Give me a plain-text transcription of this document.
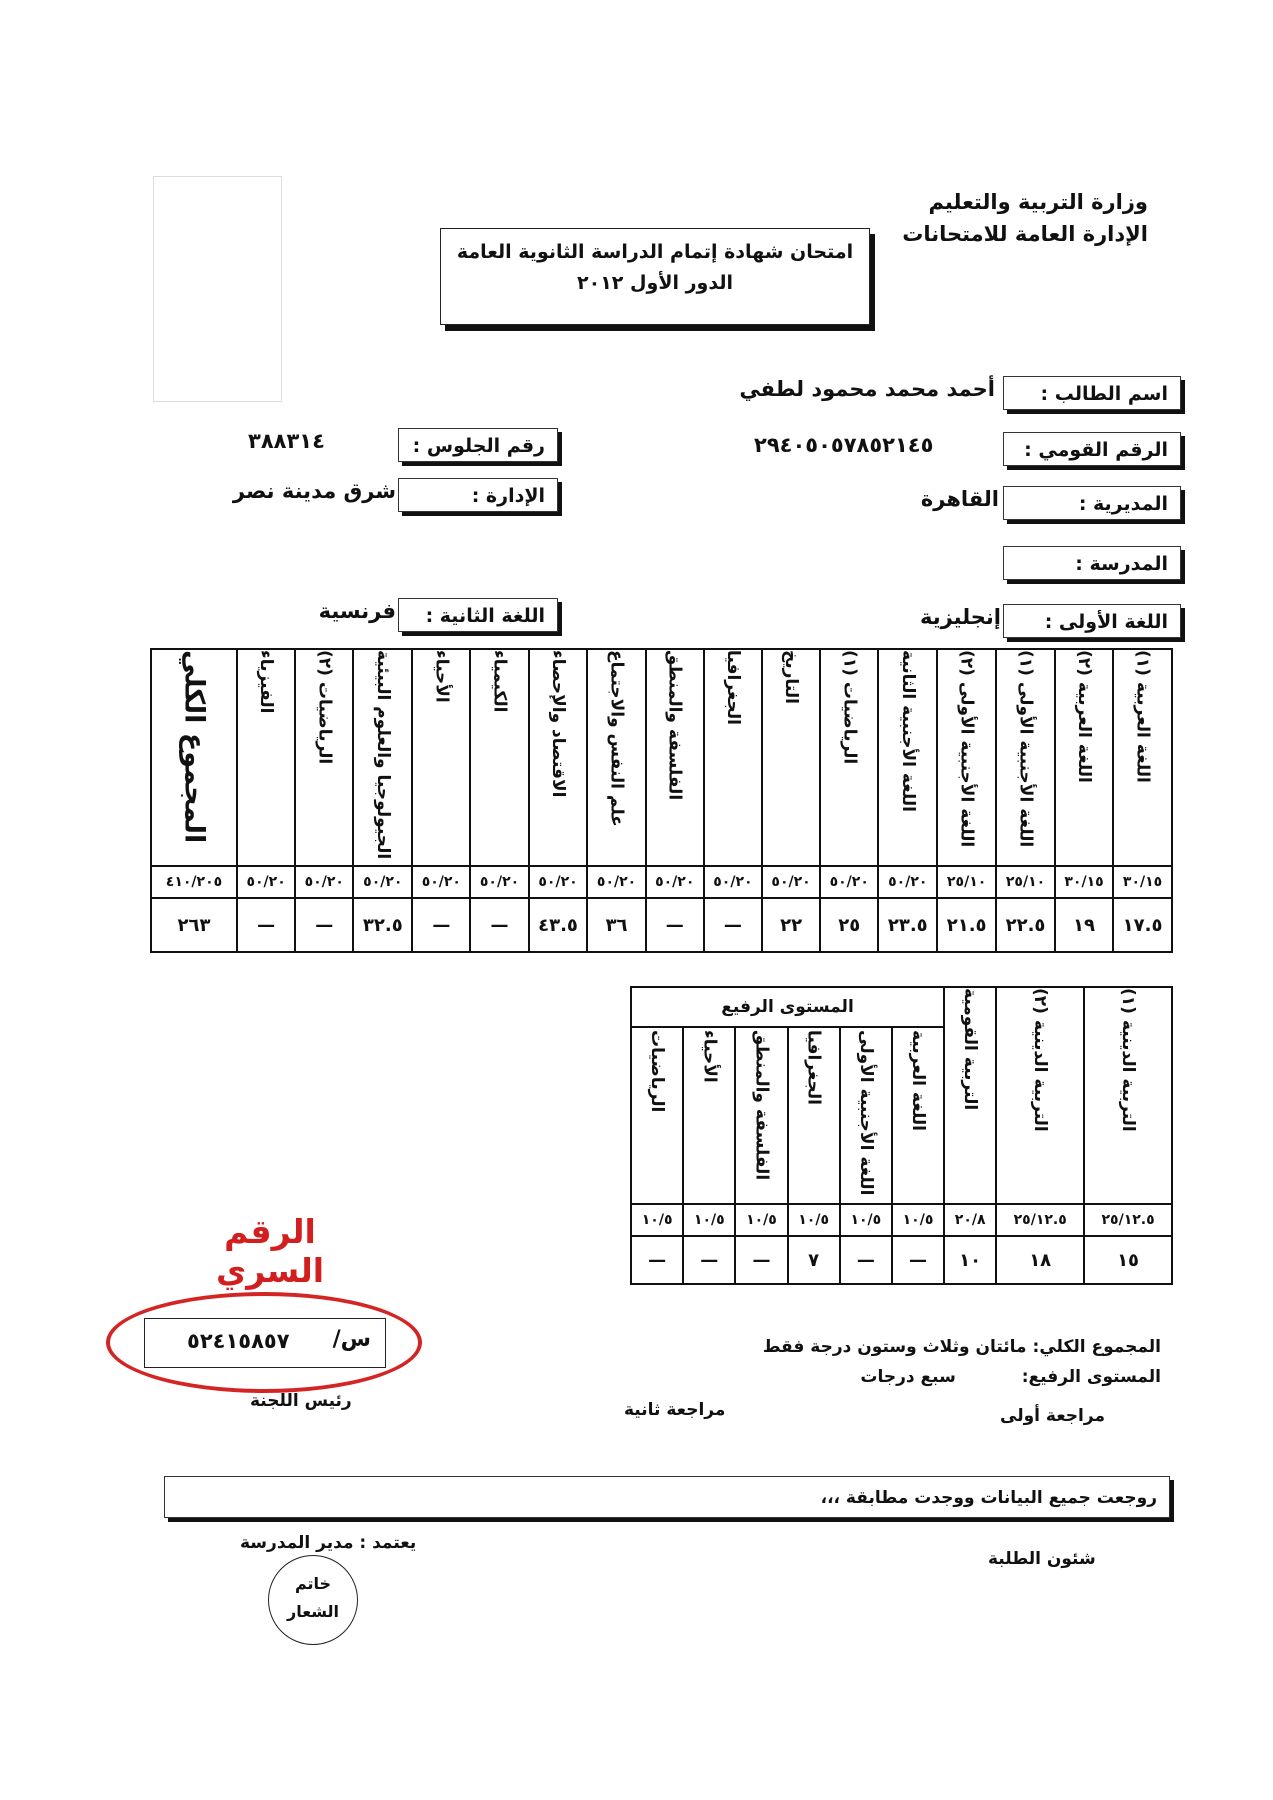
وزارة التربية والتعليم
الإدارة العامة للامتحانات
امتحان شهادة إتمام الدراسة الثانوية العامة
الدور الأول ٢٠١٢
اسم الطالب :
أحمد محمد محمود لطفي
الرقم القومي :
٢٩٤٠٥٠٥٧٨٥٢١٤٥
رقم الجلوس :
٣٨٨٣١٤
المديرية :
القاهرة
الإدارة :
شرق مدينة نصر
المدرسة :
اللغة الأولى :
إنجليزية
اللغة الثانية :
فرنسية
اللغة العربية (١)	اللغة العربية (٢)	اللغة الأجنبية الأولى (١)	اللغة الأجنبية الأولى (٢)	اللغة الأجنبية الثانية	الرياضيات (١)	التاريخ	الجغرافيا	الفلسفة والمنطق	علم النفس والاجتماع	الاقتصاد والإحصاء	الكيمياء	الأحياء	الجيولوجيا والعلوم البيئية	الرياضيات (٢)	الفيزياء	المجموع الكلي

٣٠/١٥	٣٠/١٥	٢٥/١٠	٢٥/١٠	٥٠/٢٠	٥٠/٢٠	٥٠/٢٠	٥٠/٢٠	٥٠/٢٠	٥٠/٢٠	٥٠/٢٠	٥٠/٢٠	٥٠/٢٠	٥٠/٢٠	٥٠/٢٠	٥٠/٢٠	٤١٠/٢٠٥
١٧.٥	١٩	٢٢.٥	٢١.٥	٢٣.٥	٢٥	٢٢	—	—	٣٦	٤٣.٥	—	—	٣٢.٥	—	—	٢٦٣
التربية الدينية (١)	التربية الدينية (٢)	التربية القومية	المستوى الرفيع					

			اللغة العربية	اللغة الأجنبية الأولى	الجغرافيا	الفلسفة والمنطق	الأحياء	الرياضيات

٢٥/١٢.٥	٢٥/١٢.٥	٢٠/٨	١٠/٥	١٠/٥	١٠/٥	١٠/٥	١٠/٥	١٠/٥
١٥	١٨	١٠	—	—	٧	—	—	—
الرقم السري
س/
٥٢٤١٥٨٥٧	المجموع الكلي: مائتان وثلاث وستون درجة فقط
المستوى الرفيع: سبع درجات
مراجعة أولى
مراجعة ثانية
رئيس اللجنة
روجعت جميع البيانات ووجدت مطابقة ،،،
شئون الطلبة
يعتمد : مدير المدرسة
خاتم
الشعار
